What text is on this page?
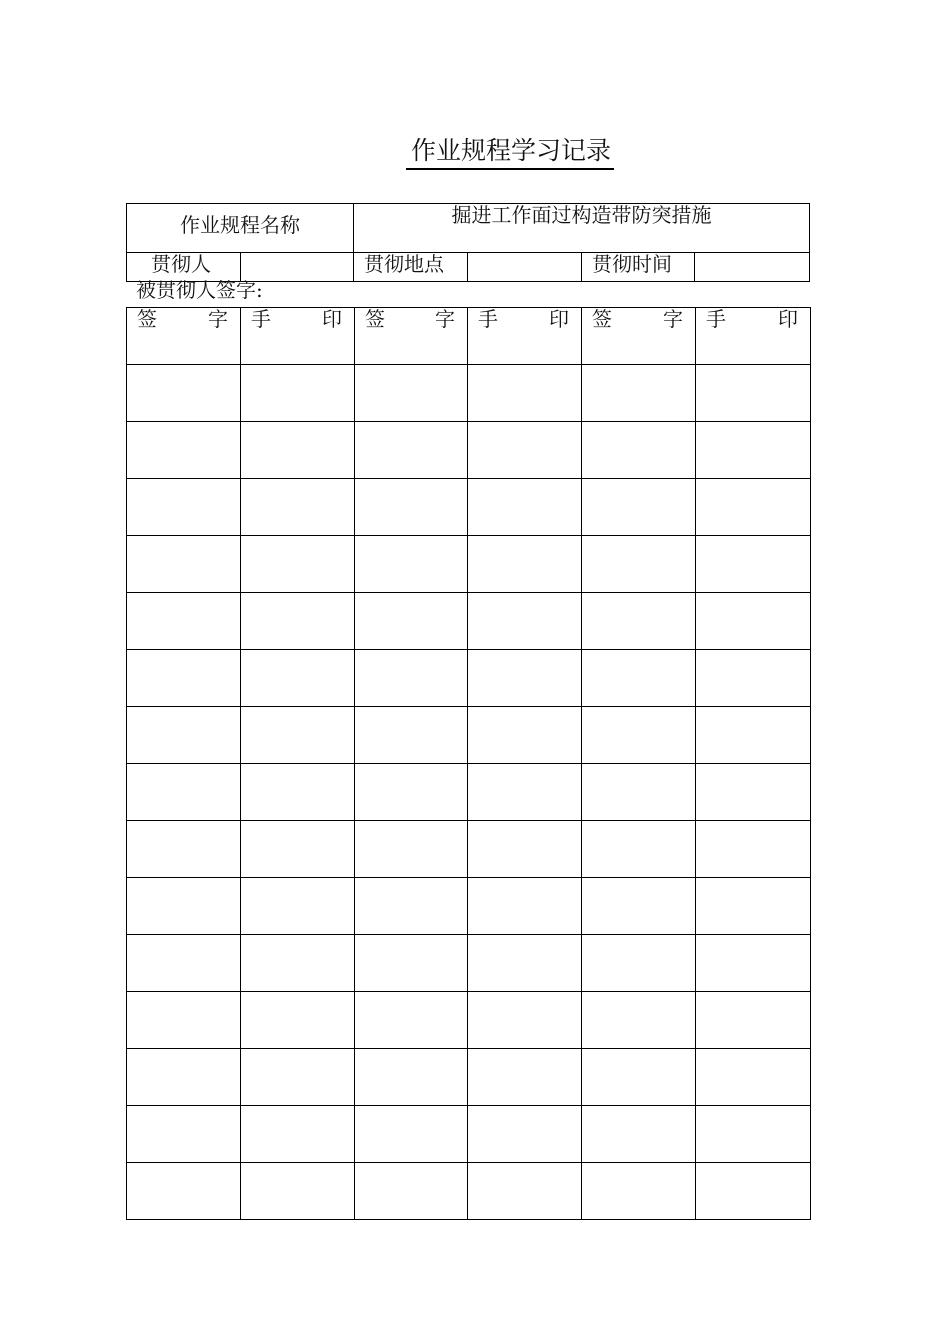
作业规程学习记录
作业规程名称		掘进工作面过构造带防突措施			
贯彻人		贯彻地点		贯彻时间	
被贯彻人签字:
签 字	手 印	签 字	手 印	签 字	手 印
